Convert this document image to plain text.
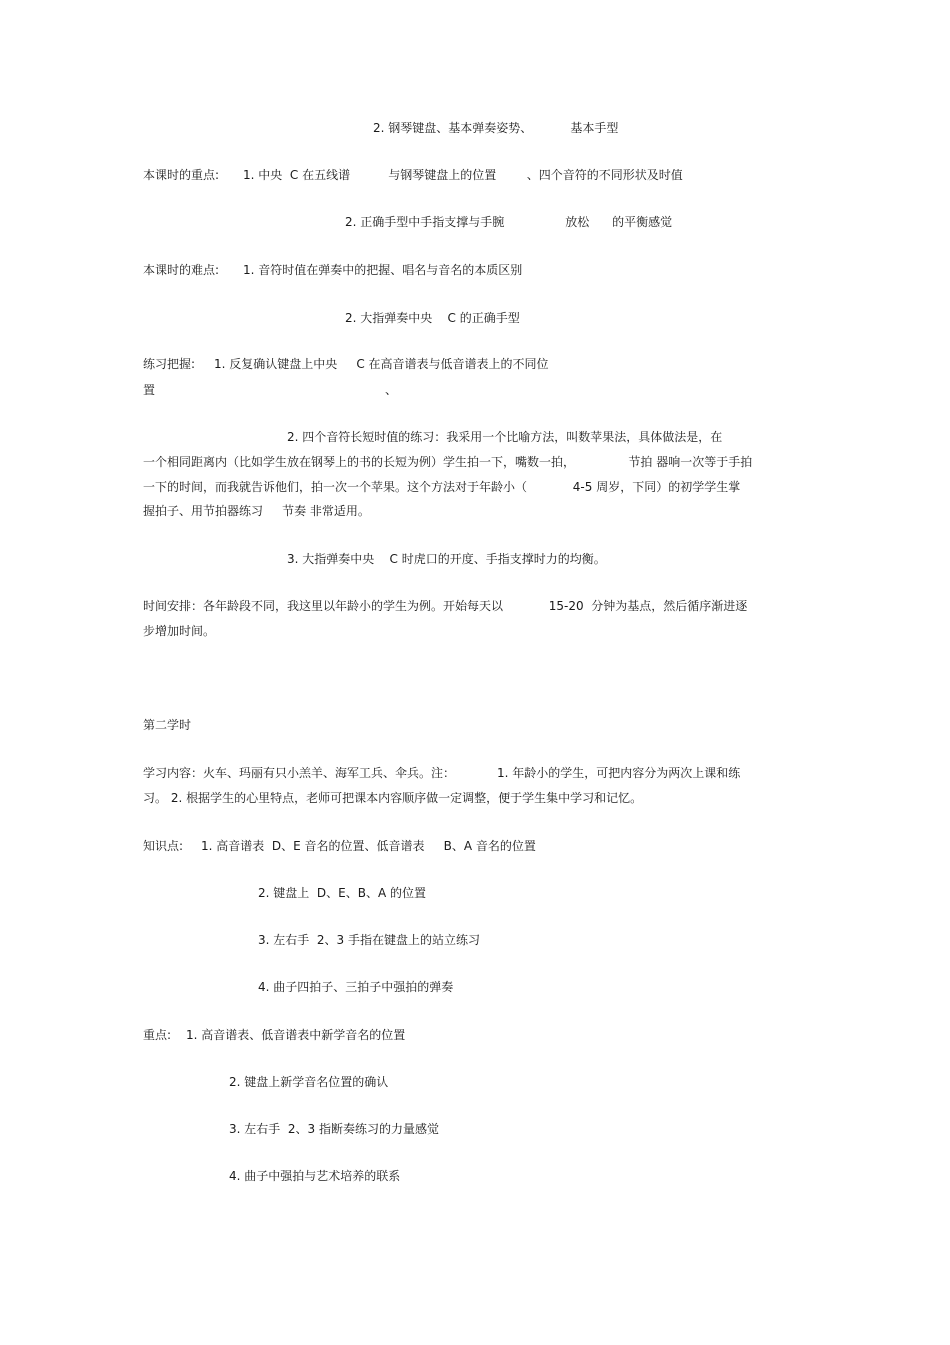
2. 钢琴键盘、基本弹奏姿势、          基本手型
本课时的重点: 1. 中央  C 在五线谱          与钢琴键盘上的位置        、四个音符的不同形状及时值
2. 正确手型中手指支撑与手腕                放松      的平衡感觉
本课时的难点: 1. 音符时值在弹奏中的把握、唱名与音名的本质区别
2. 大指弹奏中央    C 的正确手型
练习把握: 1. 反复确认键盘上中央     C 在高音谱表与低音谱表上的不同位
置	、
2. 四个音符长短时值的练习：我采用一个比喻方法，叫数苹果法，具体做法是，在
一个相同距离内（比如学生放在钢琴上的书的长短为例）学生拍一下，嘴数一拍，              节拍 器响一次等于手拍
一下的时间，而我就告诉他们，拍一次一个苹果。这个方法对于年龄小（            4-5 周岁，下同）的初学学生掌
握拍子、用节拍器练习     节奏 非常适用。
3. 大指弹奏中央    C 时虎口的开度、手指支撑时力的均衡。
时间安排：各年龄段不同，我这里以年龄小的学生为例。开始每天以            15-20  分钟为基点，然后循序渐进逐
步增加时间。
第二学时
学习内容：火车、玛丽有只小羔羊、海军工兵、伞兵。注：           1. 年龄小的学生，可把内容分为两次上课和练
习。 2. 根据学生的心里特点，老师可把课本内容顺序做一定调整，便于学生集中学习和记忆。
知识点: 1. 高音谱表  D、E 音名的位置、低音谱表     B、A 音名的位置
2. 键盘上  D、E、B、A 的位置
3. 左右手  2、3 手指在键盘上的站立练习
4. 曲子四拍子、三拍子中强拍的弹奏
重点: 1. 高音谱表、低音谱表中新学音名的位置
2. 键盘上新学音名位置的确认
3. 左右手  2、3 指断奏练习的力量感觉
4. 曲子中强拍与艺术培养的联系
